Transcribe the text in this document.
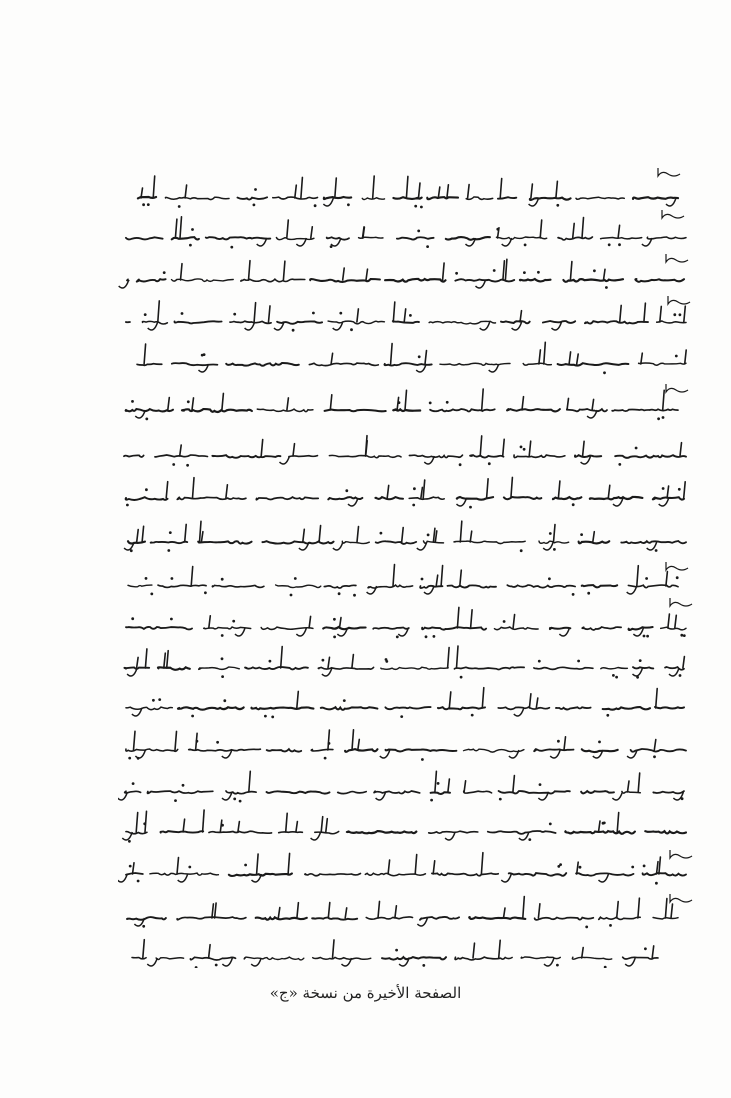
الصفحة الأخيرة من نسخة «ج»
